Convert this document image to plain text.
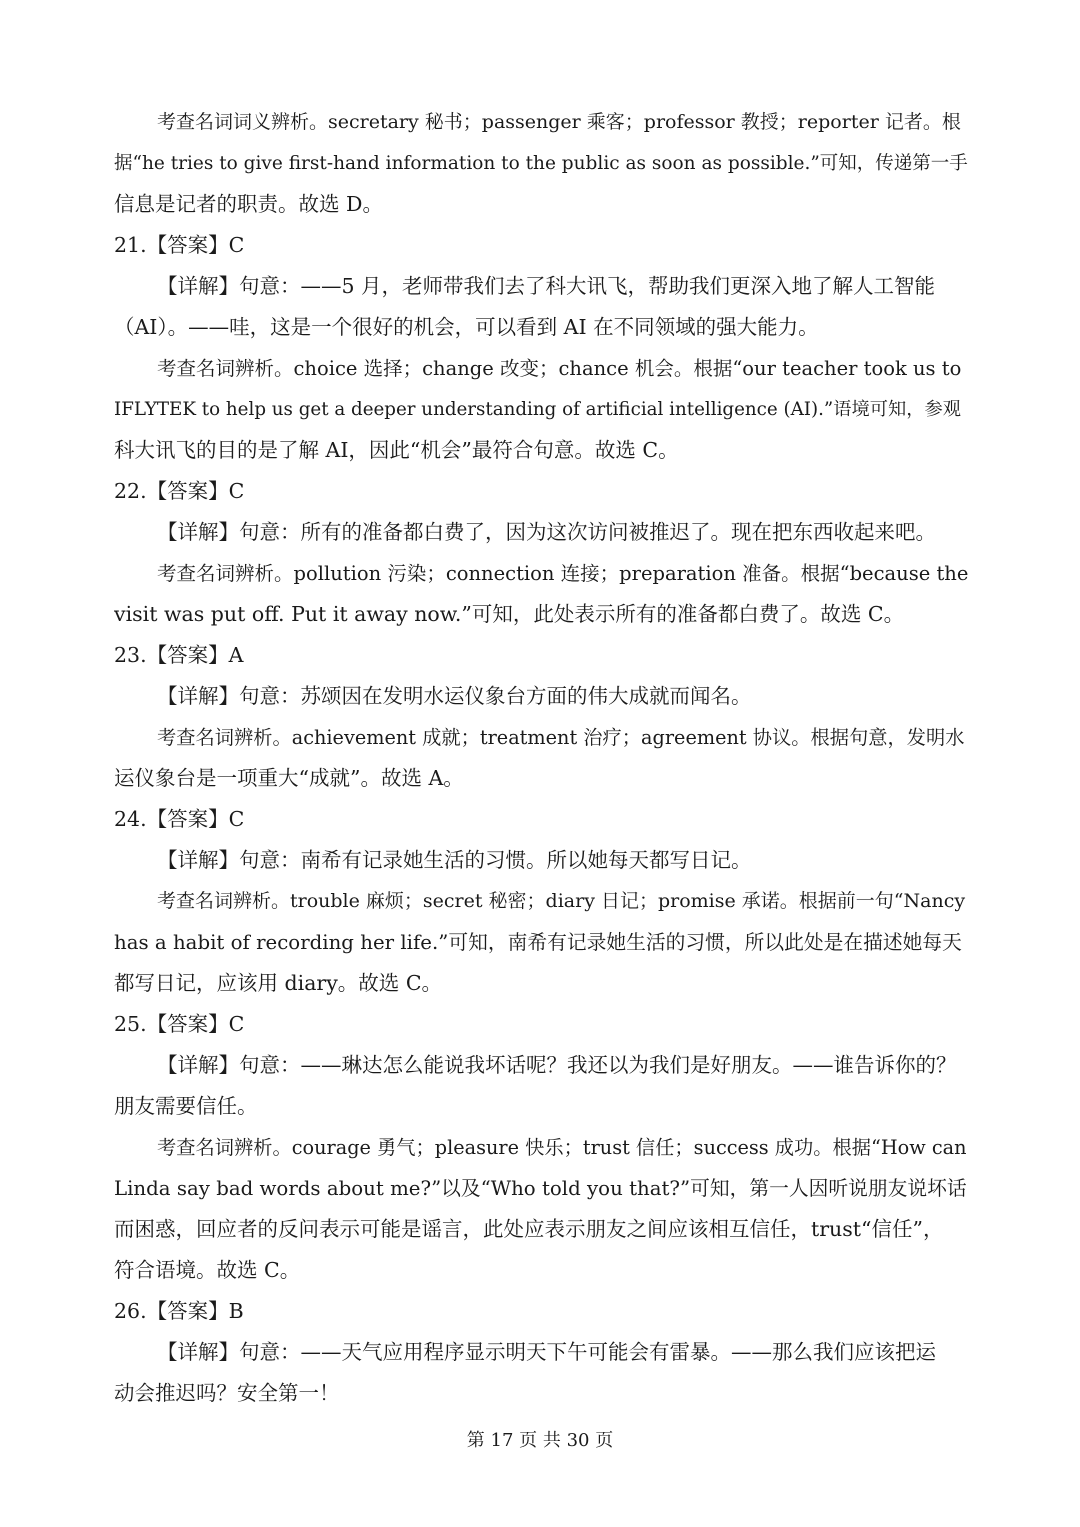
考查名词词义辨析。secretary 秘书；passenger 乘客；professor 教授；reporter 记者。根
据“he tries to give first-hand information to the public as soon as possible.”可知，传递第一手
信息是记者的职责。故选 D。
21.【答案】C
【详解】句意：——5 月，老师带我们去了科大讯飞，帮助我们更深入地了解人工智能
（AI）。——哇，这是一个很好的机会，可以看到 AI 在不同领域的强大能力。
考查名词辨析。choice 选择；change 改变；chance 机会。根据“our teacher took us to
IFLYTEK to help us get a deeper understanding of artificial intelligence (AI).”语境可知，参观
科大讯飞的目的是了解 AI，因此“机会”最符合句意。故选 C。
22.【答案】C
【详解】句意：所有的准备都白费了，因为这次访问被推迟了。现在把东西收起来吧。
考查名词辨析。pollution 污染；connection 连接；preparation 准备。根据“because the
visit was put off. Put it away now.”可知，此处表示所有的准备都白费了。故选 C。
23.【答案】A
【详解】句意：苏颂因在发明水运仪象台方面的伟大成就而闻名。
考查名词辨析。achievement 成就；treatment 治疗；agreement 协议。根据句意，发明水
运仪象台是一项重大“成就”。故选 A。
24.【答案】C
【详解】句意：南希有记录她生活的习惯。所以她每天都写日记。
考查名词辨析。trouble 麻烦；secret 秘密；diary 日记；promise 承诺。根据前一句“Nancy
has a habit of recording her life.”可知，南希有记录她生活的习惯，所以此处是在描述她每天
都写日记，应该用 diary。故选 C。
25.【答案】C
【详解】句意：——琳达怎么能说我坏话呢？我还以为我们是好朋友。——谁告诉你的？
朋友需要信任。
考查名词辨析。courage 勇气；pleasure 快乐；trust 信任；success 成功。根据“How can
Linda say bad words about me?”以及“Who told you that?”可知，第一人因听说朋友说坏话
而困惑，回应者的反问表示可能是谣言，此处应表示朋友之间应该相互信任，trust“信任”，
符合语境。故选 C。
26.【答案】B
【详解】句意：——天气应用程序显示明天下午可能会有雷暴。——那么我们应该把运
动会推迟吗？安全第一！
第 17 页 共 30 页
